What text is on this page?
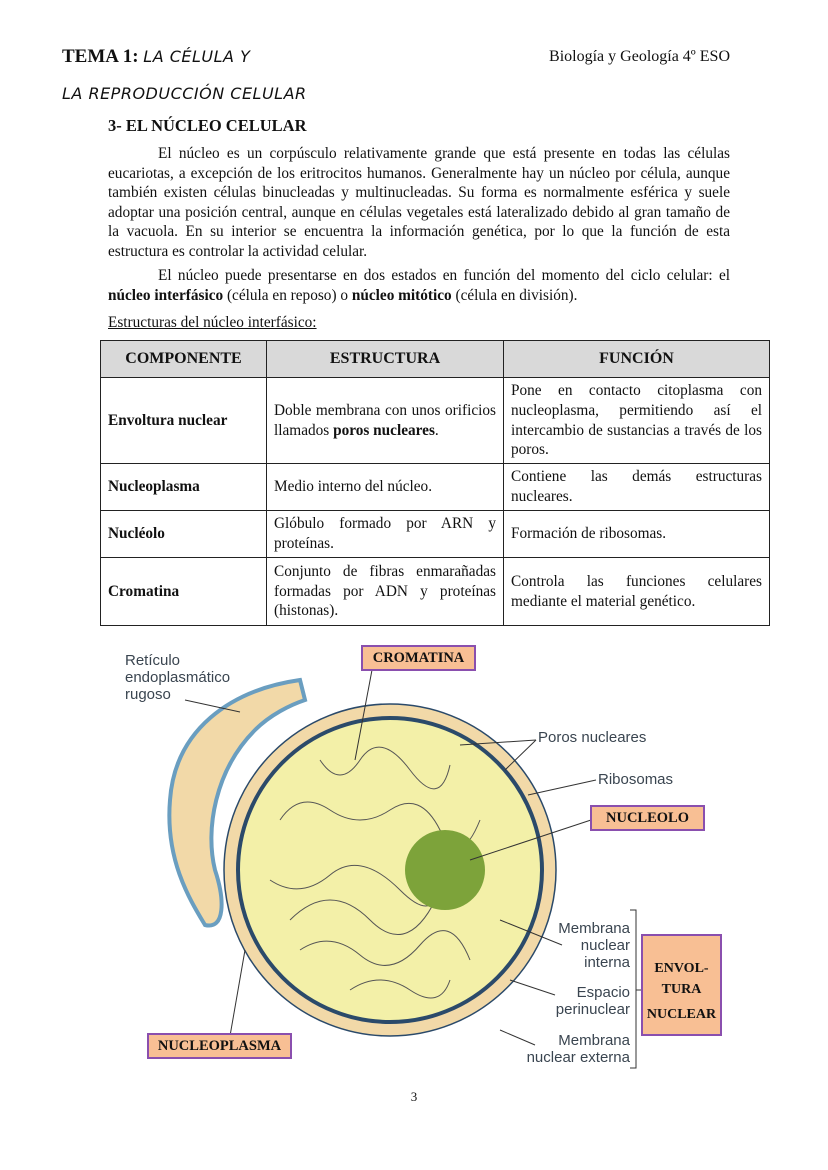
TEMA 1: LA CÉLULA Y	Biología y Geología 4º ESO
LA REPRODUCCIÓN CELULAR
3- EL NÚCLEO CELULAR

El núcleo es un corpúsculo relativamente grande que está presente en todas las células eucariotas, a excepción de los eritrocitos humanos. Generalmente hay un núcleo por célula, aunque también existen células binucleadas y multinucleadas. Su forma es normalmente esférica y suele adoptar una posición central, aunque en células vegetales está lateralizado debido al gran tamaño de la vacuola. En su interior se encuentra la información genética, por lo que la función de esta estructura es controlar la actividad celular.

El núcleo puede presentarse en dos estados en función del momento del ciclo celular: el núcleo interfásico (célula en reposo) o núcleo mitótico (célula en división).

Estructuras del núcleo interfásico:
COMPONENTE	ESTRUCTURA	FUNCIÓN
Envoltura nuclear	Doble membrana con unos orificios llamados poros nucleares.	Pone en contacto citoplasma con nucleoplasma, permitiendo así el intercambio de sustancias a través de los poros.
Nucleoplasma	Medio interno del núcleo.	Contiene las demás estructuras nucleares.
Nucléolo	Glóbulo formado por ARN y proteínas.	Formación de ribosomas.
Cromatina	Conjunto de fibras enmarañadas formadas por ADN y proteínas (histonas).	Controla las funciones celulares mediante el material genético.
Retículo
endoplasmático
rugoso
CROMATINA
Poros nucleares
Ribosomas
NUCLEOLO
Membrana
nuclear
interna
Espacio
perinuclear
Membrana
nuclear externa
ENVOL-
TURA
NUCLEAR
NUCLEOPLASMA
3
